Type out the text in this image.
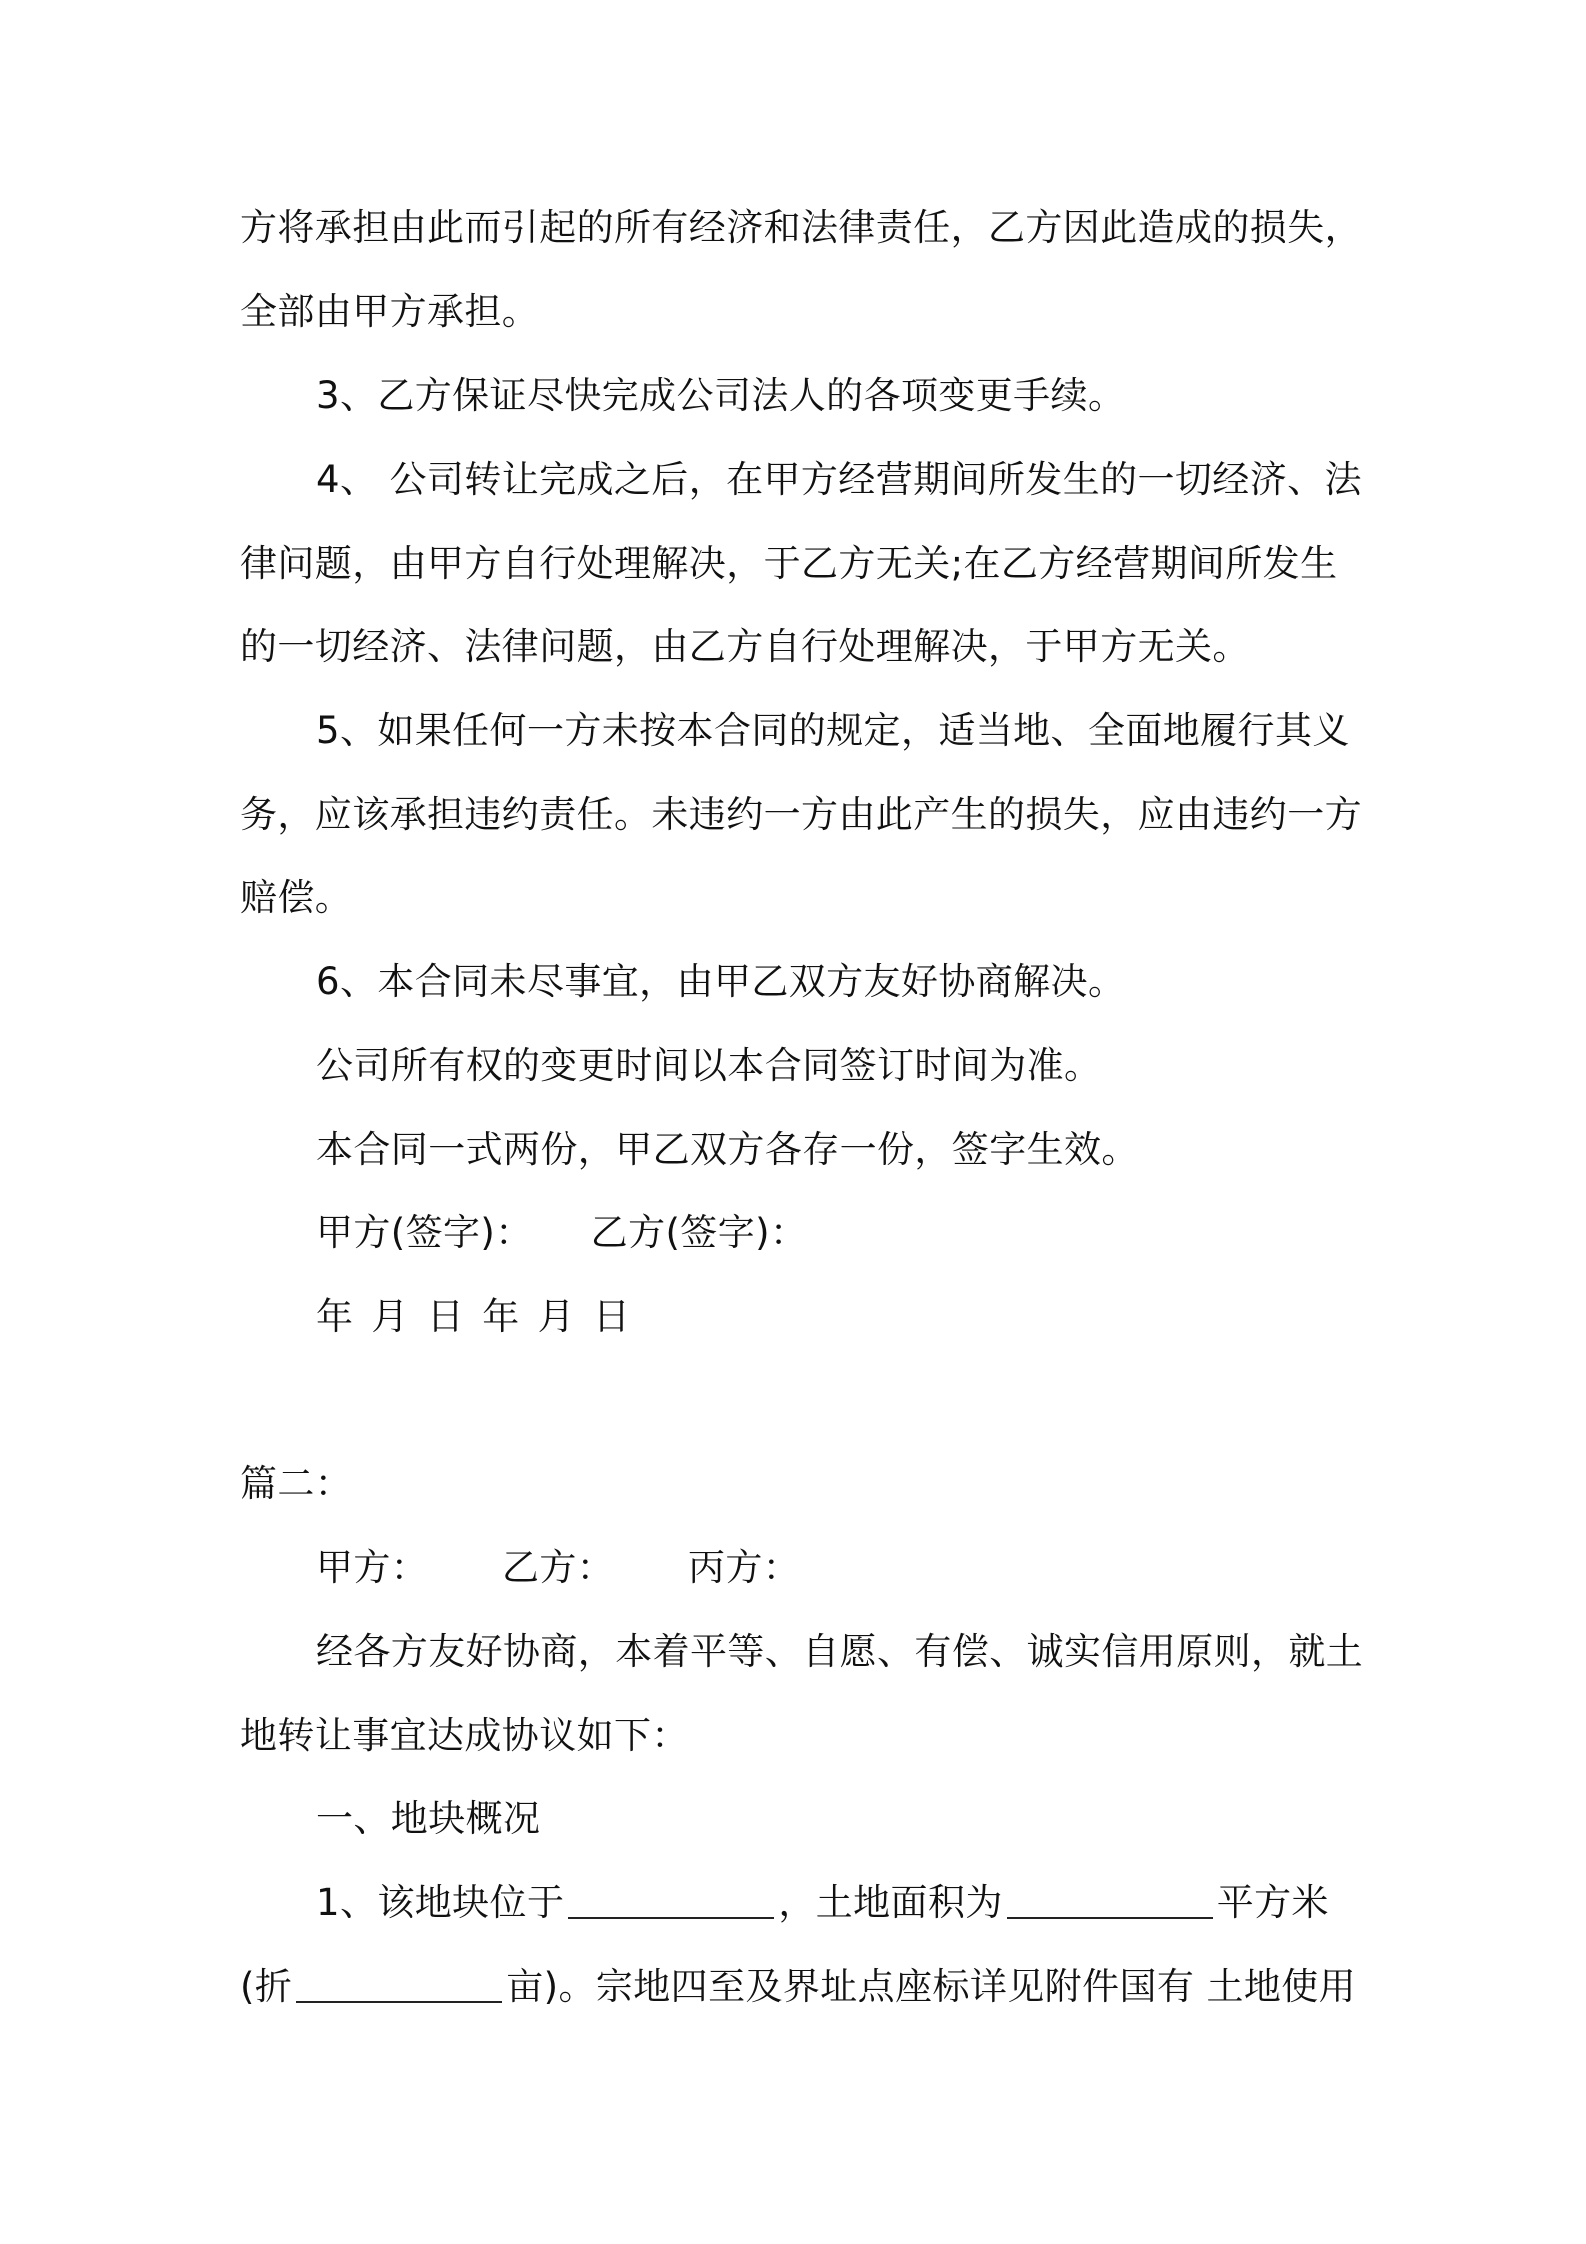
方将承担由此而引起的所有经济和法律责任，乙方因此造成的损失，
全部由甲方承担。
3、乙方保证尽快完成公司法人的各项变更手续。
4、 公司转让完成之后，在甲方经营期间所发生的一切经济、法
律问题，由甲方自行处理解决，于乙方无关;在乙方经营期间所发生
的一切经济、法律问题，由乙方自行处理解决，于甲方无关。
5、如果任何一方未按本合同的规定，适当地、全面地履行其义
务，应该承担违约责任。未违约一方由此产生的损失，应由违约一方
赔偿。
6、本合同未尽事宜，由甲乙双方友好协商解决。
公司所有权的变更时间以本合同签订时间为准。
本合同一式两份，甲乙双方各存一份，签字生效。
甲方(签字)： 乙方(签字)：
年 月 日 年 月 日
篇二：
甲方： 乙方： 丙方：
经各方友好协商，本着平等、自愿、有偿、诚实信用原则，就土
地转让事宜达成协议如下：
一、地块概况
1、该地块位于	，土地面积为	平方米
(折	亩)。宗地四至及界址点座标详见附件国有 土地使用
